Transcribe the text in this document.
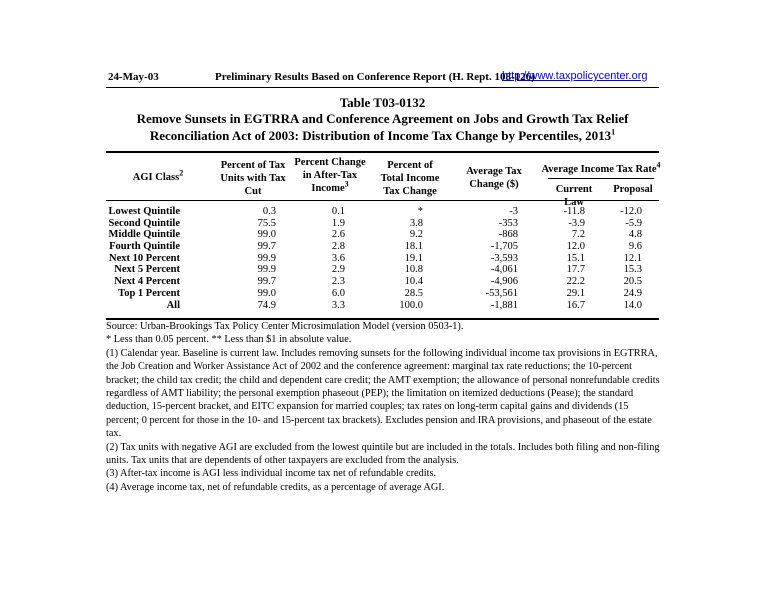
24-May-03	Preliminary Results Based on Conference Report (H. Rept. 108-126)
http://www.taxpolicycenter.org
Table T03-0132
Remove Sunsets in EGTRRA and Conference Agreement on Jobs and Growth Tax Relief
Reconciliation Act of 2003: Distribution of Income Tax Change by Percentiles, 2013$^1$
AGI Class$^2$
Percent of Tax
Units with Tax
Cut
Percent Change
in After-Tax
Income$^3$
Percent of
Total Income
Tax Change
Average Tax
Change ($)
Average Income Tax Rate$^4$
Current Law
Proposal
Lowest Quintile	0.3	0.1	*	-3	-11.8	-12.0
Second Quintile	75.5	1.9	3.8	-353	-3.9	-5.9
Middle Quintile	99.0	2.6	9.2	-868	7.2	4.8
Fourth Quintile	99.7	2.8	18.1	-1,705	12.0	9.6
Next 10 Percent	99.9	3.6	19.1	-3,593	15.1	12.1
Next 5 Percent	99.9	2.9	10.8	-4,061	17.7	15.3
Next 4 Percent	99.7	2.3	10.4	-4,906	22.2	20.5
Top 1 Percent	99.0	6.0	28.5	-53,561	29.1	24.9
All	74.9	3.3	100.0	-1,881	16.7	14.0

Source: Urban-Brookings Tax Policy Center Microsimulation Model (version 0503-1).

* Less than 0.05 percent. ** Less than $1 in absolute value.

(1) Calendar year. Baseline is current law. Includes removing sunsets for the following individual income tax provisions in EGTRRA, the Job Creation and Worker Assistance Act of 2002 and the conference agreement: marginal tax rate reductions; the 10-percent bracket; the child tax credit; the child and dependent care credit; the AMT exemption; the allowance of personal nonrefundable credits regardless of AMT liability; the personal exemption phaseout (PEP); the limitation on itemized deductions (Pease); the standard deduction, 15-percent bracket, and EITC expansion for married couples; tax rates on long-term capital gains and dividends (15 percent; 0 percent for those in the 10- and 15-percent tax brackets). Excludes pension and IRA provisions, and phaseout of the estate tax.

(2) Tax units with negative AGI are excluded from the lowest quintile but are included in the totals. Includes both filing and non-filing units. Tax units that are dependents of other taxpayers are excluded from the analysis.

(3) After-tax income is AGI less individual income tax net of refundable credits.

(4) Average income tax, net of refundable credits, as a percentage of average AGI.
